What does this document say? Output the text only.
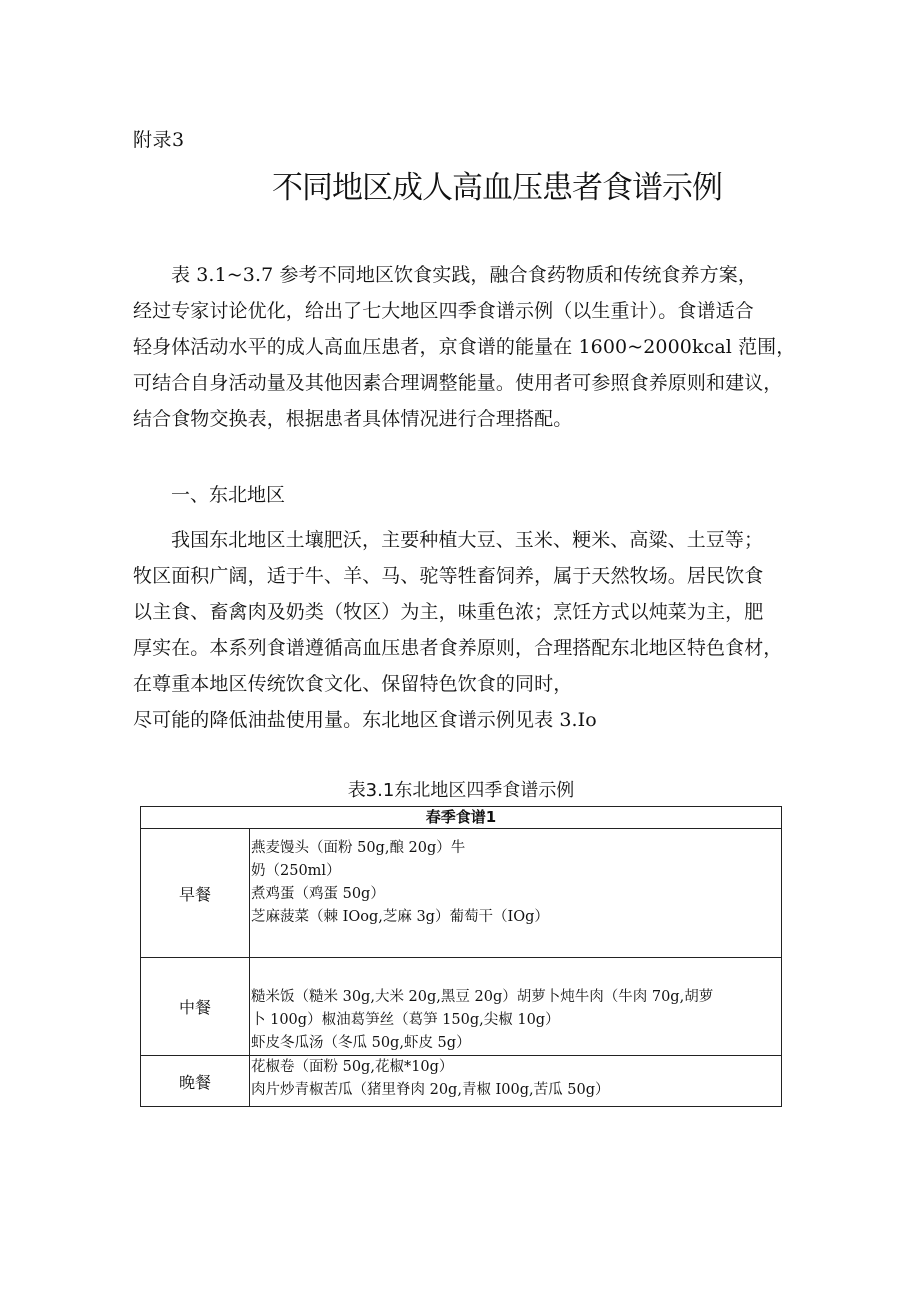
附录3
不同地区成人高血压患者食谱示例

表 3.1~3.7 参考不同地区饮食实践，融合食药物质和传统食养方案，

经过专家讨论优化，给出了七大地区四季食谱示例（以生重计）。食谱适合

轻身体活动水平的成人高血压患者，京食谱的能量在 1600~2000kcal 范围，

可结合自身活动量及其他因素合理调整能量。使用者可参照食养原则和建议，

结合食物交换表，根据患者具体情况进行合理搭配。

一、东北地区

我国东北地区土壤肥沃，主要种植大豆、玉米、粳米、高粱、土豆等；

牧区面积广阔，适于牛、羊、马、驼等牲畜饲养，属于天然牧场。居民饮食

以主食、畜禽肉及奶类（牧区）为主，味重色浓；烹饪方式以炖菜为主，肥

厚实在。本系列食谱遵循高血压患者食养原则，合理搭配东北地区特色食材，

在尊重本地区传统饮食文化、保留特色饮食的同时，

尽可能的降低油盐使用量。东北地区食谱示例见表 3.Io

表3.1东北地区四季食谱示例
春季食谱1	
早餐	燕麦馒头（面粉 50g,酿 20g）牛
奶（250ml）
煮鸡蛋（鸡蛋 50g）
芝麻菠菜（棘 IOog,芝麻 3g）葡萄干（IOg）

中餐	糙米饭（糙米 30g,大米 20g,黑豆 20g）胡萝卜炖牛肉（牛肉 70g,胡萝
卜 100g）椒油葛笋丝（葛笋 150g,尖椒 10g）
虾皮冬瓜汤（冬瓜 50g,虾皮 5g）

晚餐	花椒卷（面粉 50g,花椒*10g）
肉片炒青椒苦瓜（猪里脊肉 20g,青椒 I00g,苦瓜 50g）
